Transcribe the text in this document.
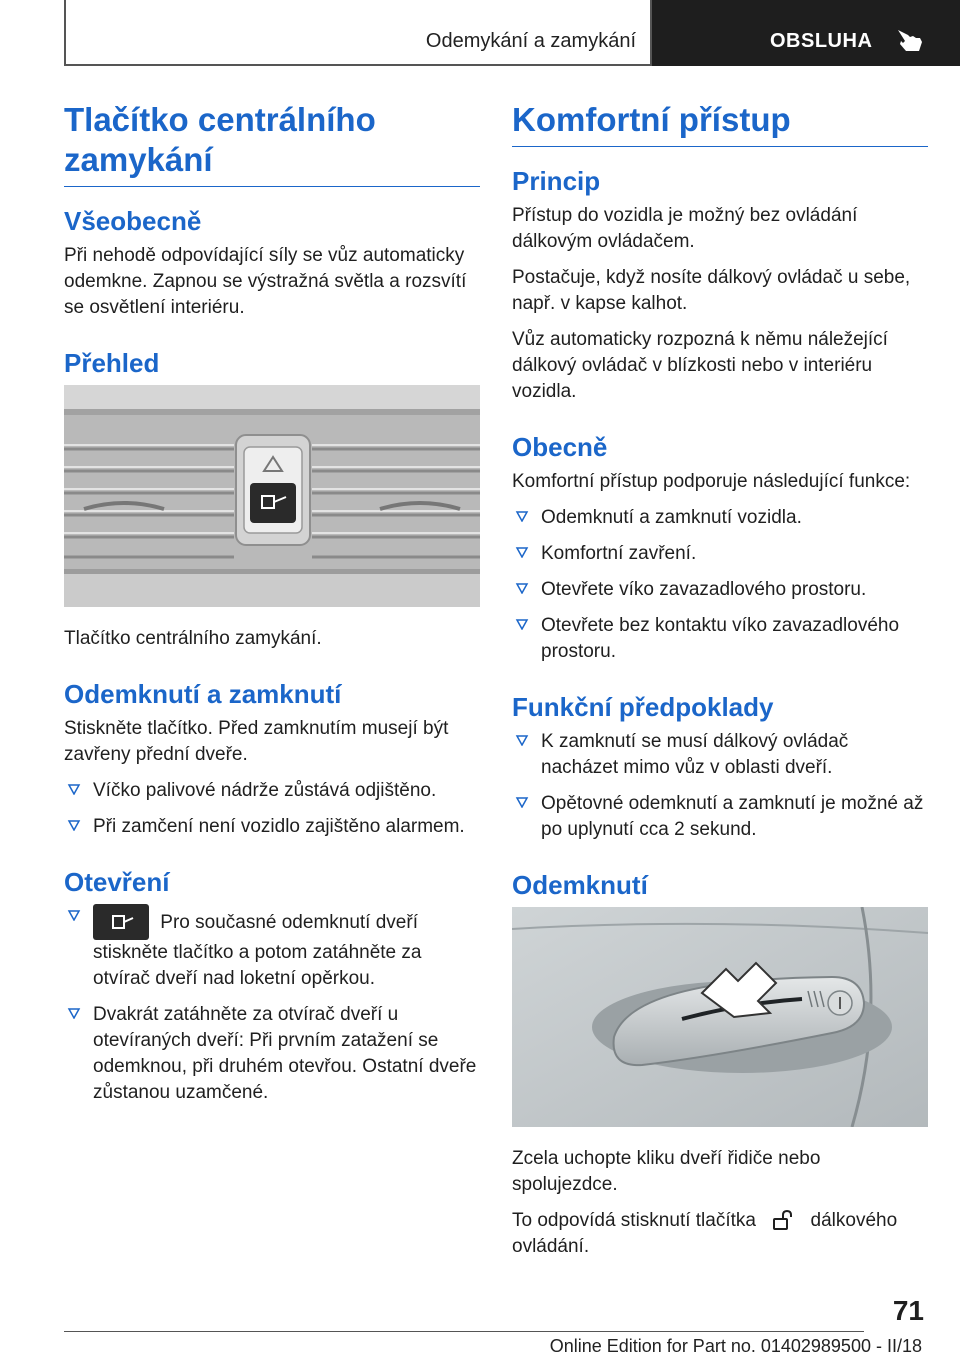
Odemykání a zamykání	OBSLUHA
Tlačítko centrálního zamykání
Všeobecně

Při nehodě odpovídající síly se vůz automaticky odemkne. Zapnou se výstražná světla a rozsvítí se osvětlení interiéru.

Přehled
Tlačítko centrálního zamykání.
Odemknutí a zamknutí

Stiskněte tlačítko. Před zamknutím musejí být zavřeny přední dveře.

Víčko palivové nádrže zůstává odjištěno.
Při zamčení není vozidlo zajištěno alarmem.
Otevření
Pro současné odemknutí dveří stiskněte tlačítko a potom zatáhněte za otvírač dveří nad loketní opěrkou.
Dvakrát zatáhněte za otvírač dveří u otevíraných dveří: Při prvním zatažení se odemknou, při druhém otevřou. Ostatní dveře zůstanou uzamčené.
Komfortní přístup
Princip

Přístup do vozidla je možný bez ovládání dálkovým ovládačem.

Postačuje, když nosíte dálkový ovládač u sebe, např. v kapse kalhot.

Vůz automaticky rozpozná k němu náležející dálkový ovládač v blízkosti nebo v interiéru vozidla.

Obecně

Komfortní přístup podporuje následující funkce:

Odemknutí a zamknutí vozidla.
Komfortní zavření.
Otevřete víko zavazadlového prostoru.
Otevřete bez kontaktu víko zavazadlového prostoru.
Funkční předpoklady
K zamknutí se musí dálkový ovládač nacházet mimo vůz v oblasti dveří.
Opětovné odemknutí a zamknutí je možné až po uplynutí cca 2 sekund.
Odemknutí
Zcela uchopte kliku dveří řidiče nebo spolujezdce.

To odpovídá stisknutí tlačítka	dálkového ovládání.

71
Online Edition for Part no. 01402989500 - II/18
